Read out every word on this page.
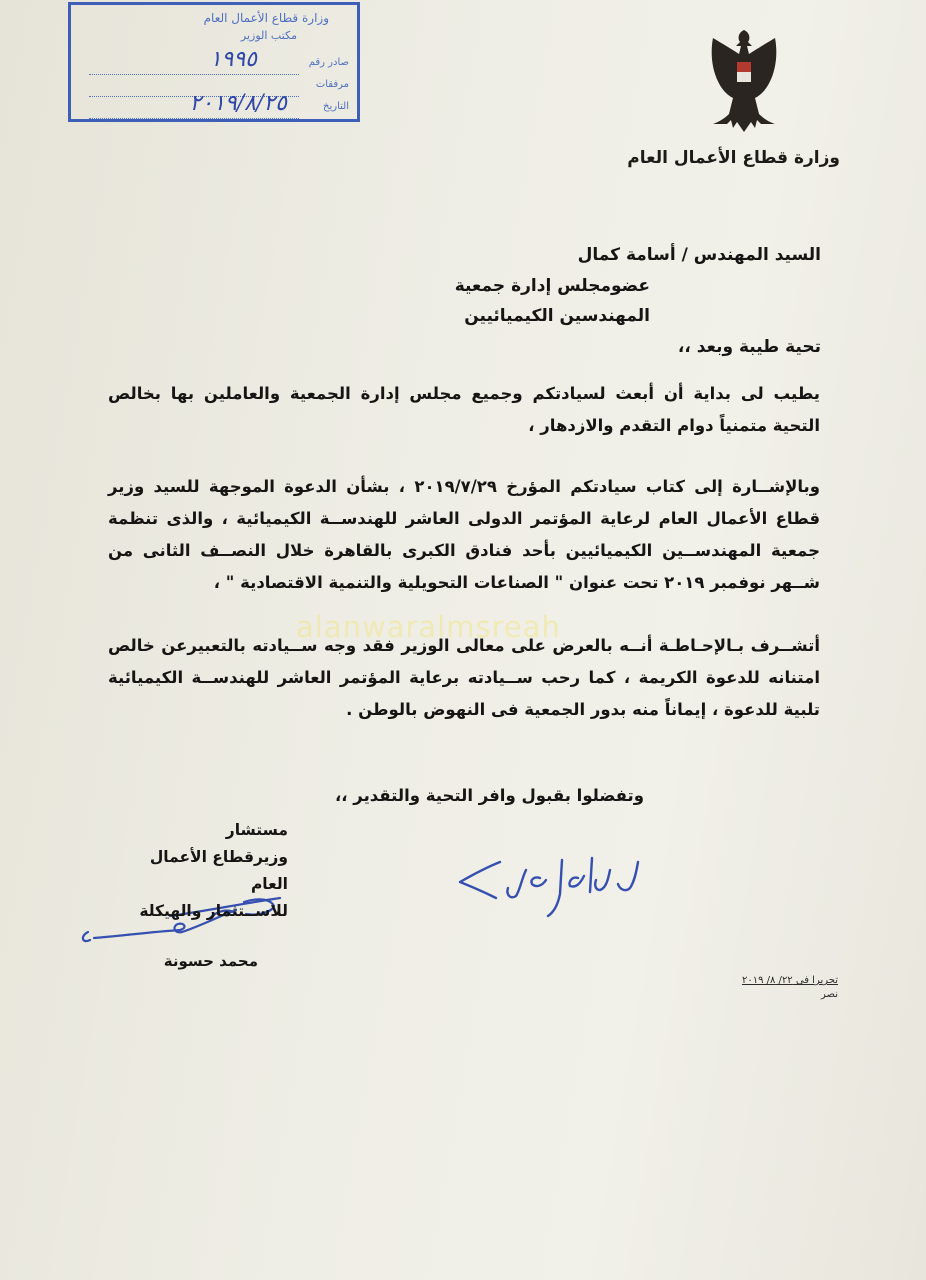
وزارة قطاع الأعمال العام
مكتب الوزير
صادر رقم
١٩٩٥
مرفقات
التاريخ
٢٠١٩/٨/٢٥
وزارة قطاع الأعمال العام
السيد المهندس / أسامة كمال
عضومجلس إدارة جمعية
المهندسين الكيميائيين
تحية طيبة وبعد ،،
يطيب لى بداية أن أبعث لسيادتكم وجميع مجلس إدارة الجمعية والعاملين بها بخالص التحية متمنياً دوام التقدم والازدهار ،
وبالإشــارة إلى كتاب سيادتكم المؤرخ ٢٠١٩/٧/٢٩ ، بشأن الدعوة الموجهة للسيد وزير قطاع الأعمال العام لرعاية المؤتمر الدولى العاشر للهندســة الكيميائية ، والذى تنظمة جمعية المهندســين الكيميائيين بأحد فنادق الكبرى بالقاهرة خلال النصــف الثانى من شــهر نوفمبر ٢٠١٩ تحت عنوان " الصناعات التحويلية والتنمية الاقتصادية " ،
أتشــرف بـالإحـاطـة أنــه بالعرض على معالى الوزير فقد وجه ســيادته بالتعبيرعن خالص امتنانه للدعوة الكريمة ، كما رحب ســيادته برعاية المؤتمر العاشر للهندســة الكيميائية تلبية للدعوة ، إيماناً منه بدور الجمعية فى النهوض بالوطن .
alanwaralmsreah
وتفضلوا بقبول وافر التحية والتقدير ،،
مستشار
وزيرقطاع الأعمال العام
للاســتثمار والهيكلة
محمد حسونة
تحريرا فى ٢٢/ ٨/ ٢٠١٩
نصر
